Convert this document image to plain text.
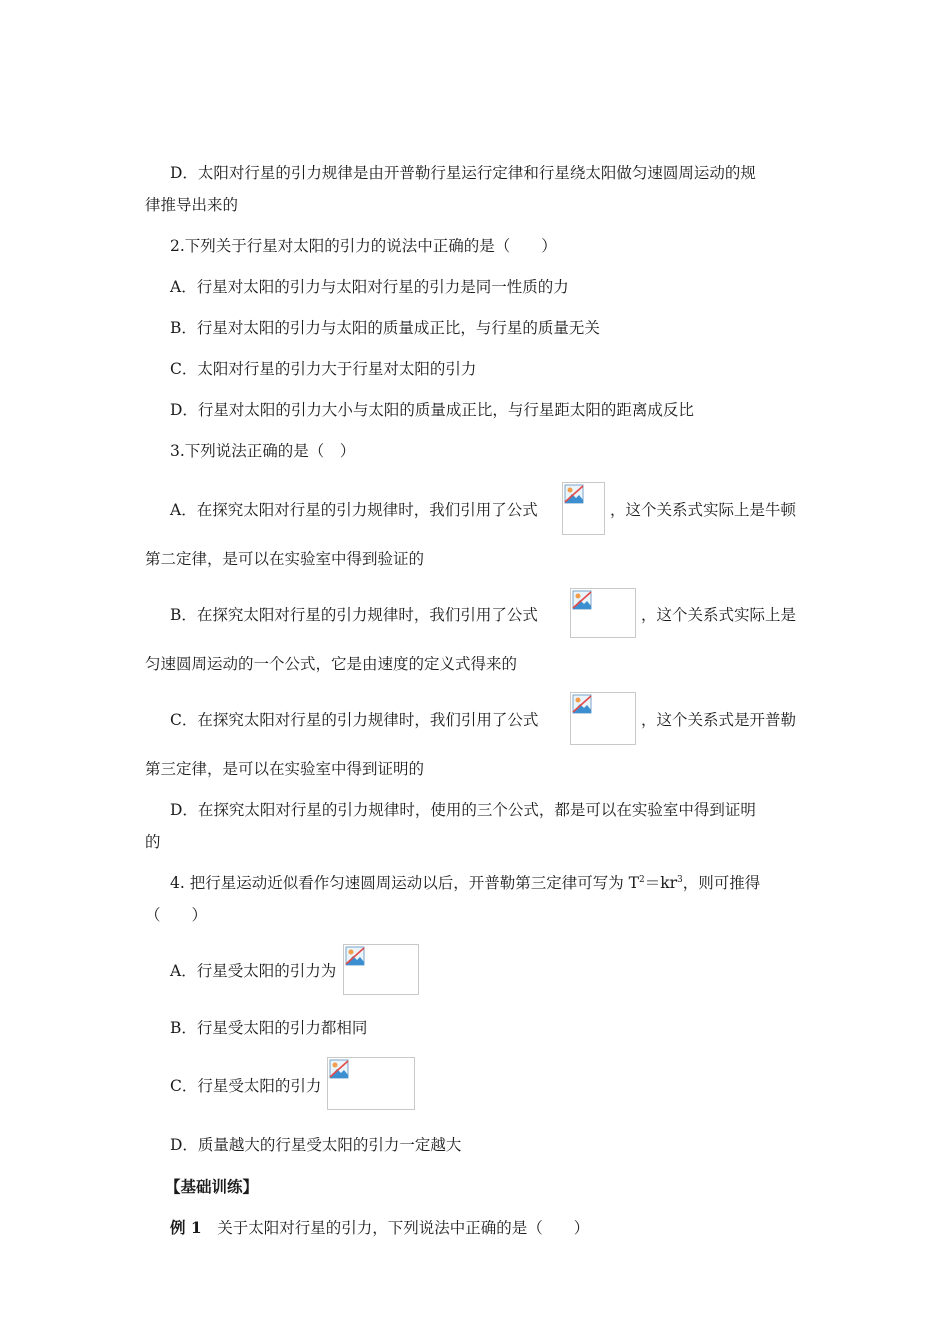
D．太阳对行星的引力规律是由开普勒行星运行定律和行星绕太阳做匀速圆周运动的规
律推导出来的
2.下列关于行星对太阳的引力的说法中正确的是（　　）
A．行星对太阳的引力与太阳对行星的引力是同一性质的力
B．行星对太阳的引力与太阳的质量成正比，与行星的质量无关
C．太阳对行星的引力大于行星对太阳的引力
D．行星对太阳的引力大小与太阳的质量成正比，与行星距太阳的距离成反比
3.下列说法正确的是（　）
A．在探究太阳对行星的引力规律时，我们引用了公式	，这个关系式实际上是牛顿
第二定律，是可以在实验室中得到验证的
B．在探究太阳对行星的引力规律时，我们引用了公式	，这个关系式实际上是
匀速圆周运动的一个公式，它是由速度的定义式得来的
C．在探究太阳对行星的引力规律时，我们引用了公式	，这个关系式是开普勒
第三定律，是可以在实验室中得到证明的
D．在探究太阳对行星的引力规律时，使用的三个公式，都是可以在实验室中得到证明
的
4. 把行星运动近似看作匀速圆周运动以后，开普勒第三定律可写为 $T^2=kr^3$，则可推得
（　　）
A．行星受太阳的引力为
B．行星受太阳的引力都相同
C．行星受太阳的引力
D．质量越大的行星受太阳的引力一定越大
【基础训练】
例 1　关于太阳对行星的引力，下列说法中正确的是（　　）
